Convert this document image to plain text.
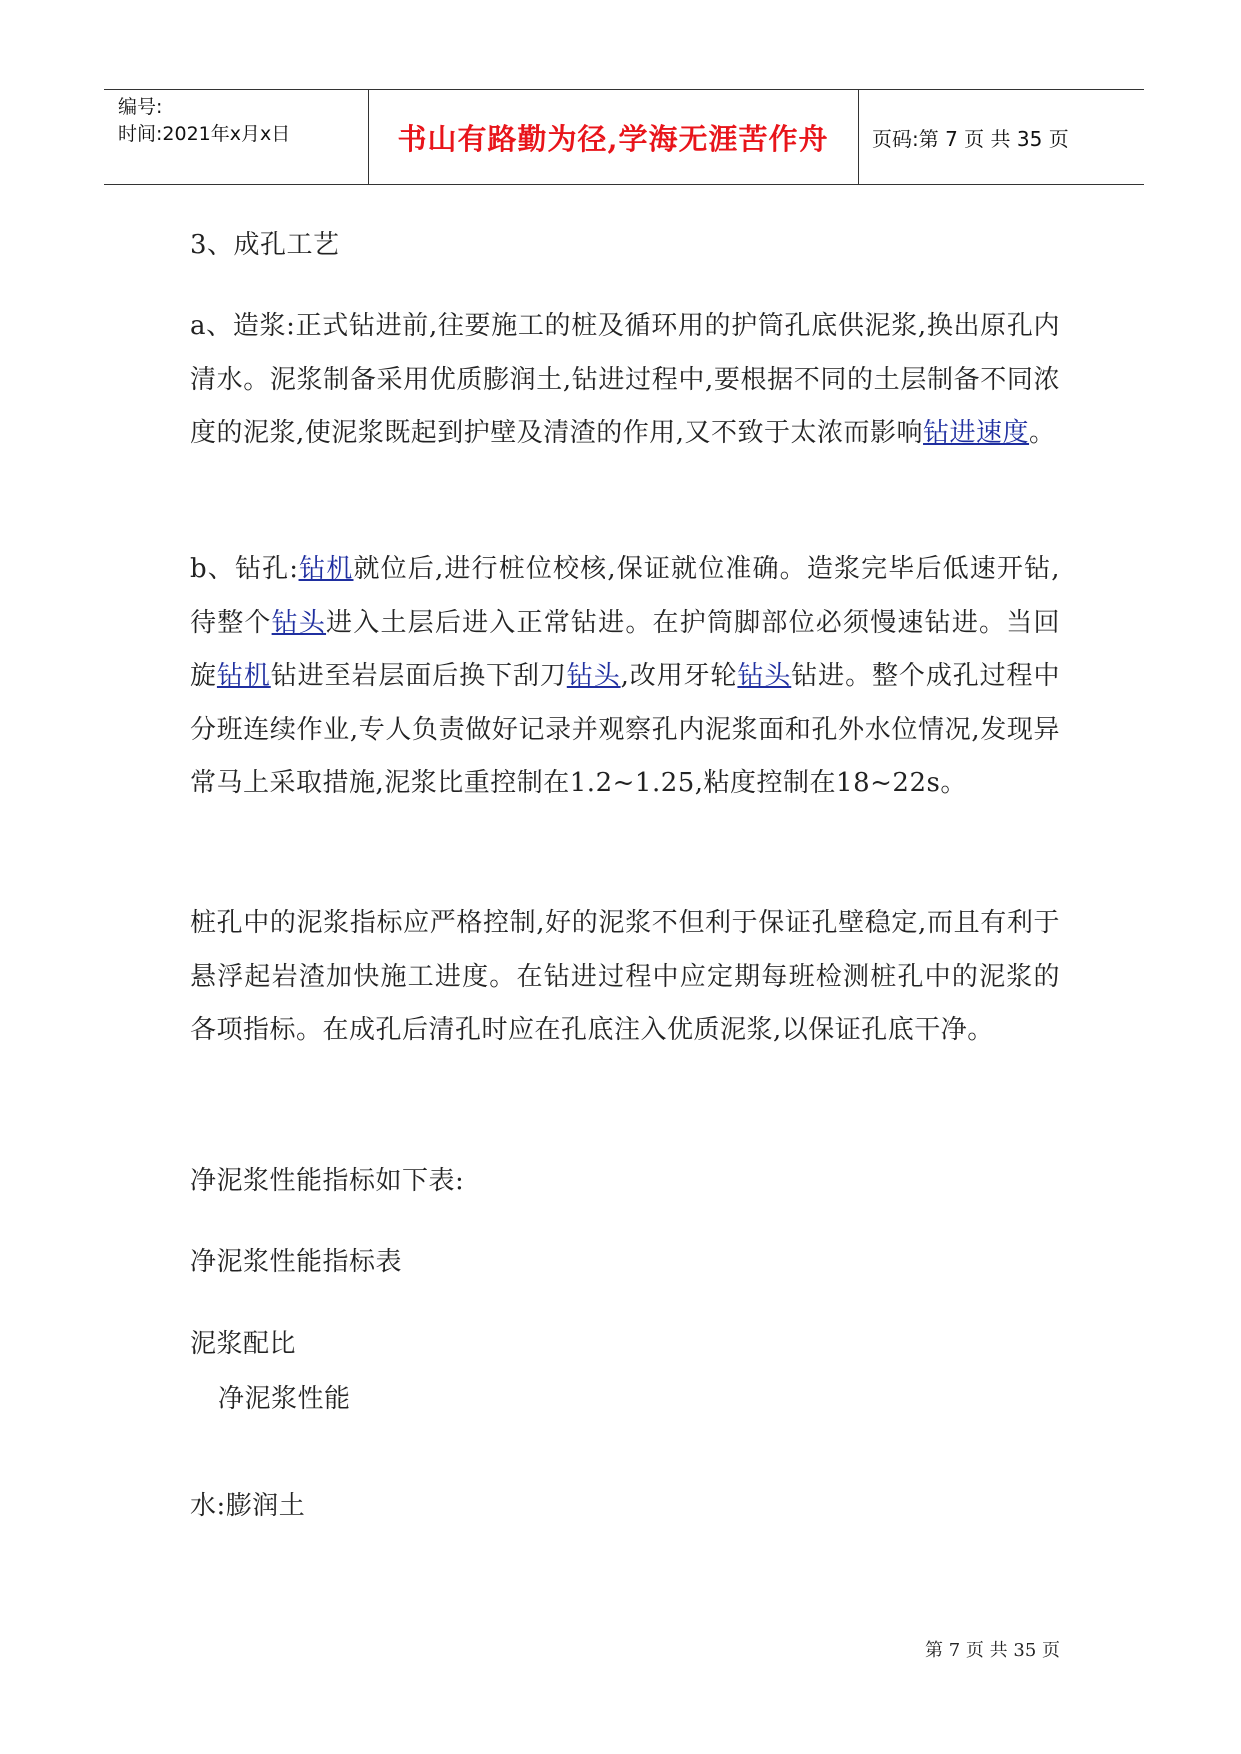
编号:
时间:2021年x月x日	书山有路勤为径,学海无涯苦作舟	页码:第 7 页 共 35 页
3、成孔工艺
a、造浆:正式钻进前,往要施工的桩及循环用的护筒孔底供泥浆,换出原孔内清水。泥浆制备采用优质膨润土,钻进过程中,要根据不同的土层制备不同浓度的泥浆,使泥浆既起到护壁及清渣的作用,又不致于太浓而影响钻进速度。
b、钻孔:钻机就位后,进行桩位校核,保证就位准确。造浆完毕后低速开钻,待整个钻头进入土层后进入正常钻进。在护筒脚部位必须慢速钻进。当回旋钻机钻进至岩层面后换下刮刀钻头,改用牙轮钻头钻进。整个成孔过程中分班连续作业,专人负责做好记录并观察孔内泥浆面和孔外水位情况,发现异常马上采取措施,泥浆比重控制在1.2~1.25,粘度控制在18~22s。
桩孔中的泥浆指标应严格控制,好的泥浆不但利于保证孔壁稳定,而且有利于悬浮起岩渣加快施工进度。在钻进过程中应定期每班检测桩孔中的泥浆的各项指标。在成孔后清孔时应在孔底注入优质泥浆,以保证孔底干净。
净泥浆性能指标如下表:
净泥浆性能指标表
泥浆配比
净泥浆性能
水:膨润土
第 7 页 共 35 页
